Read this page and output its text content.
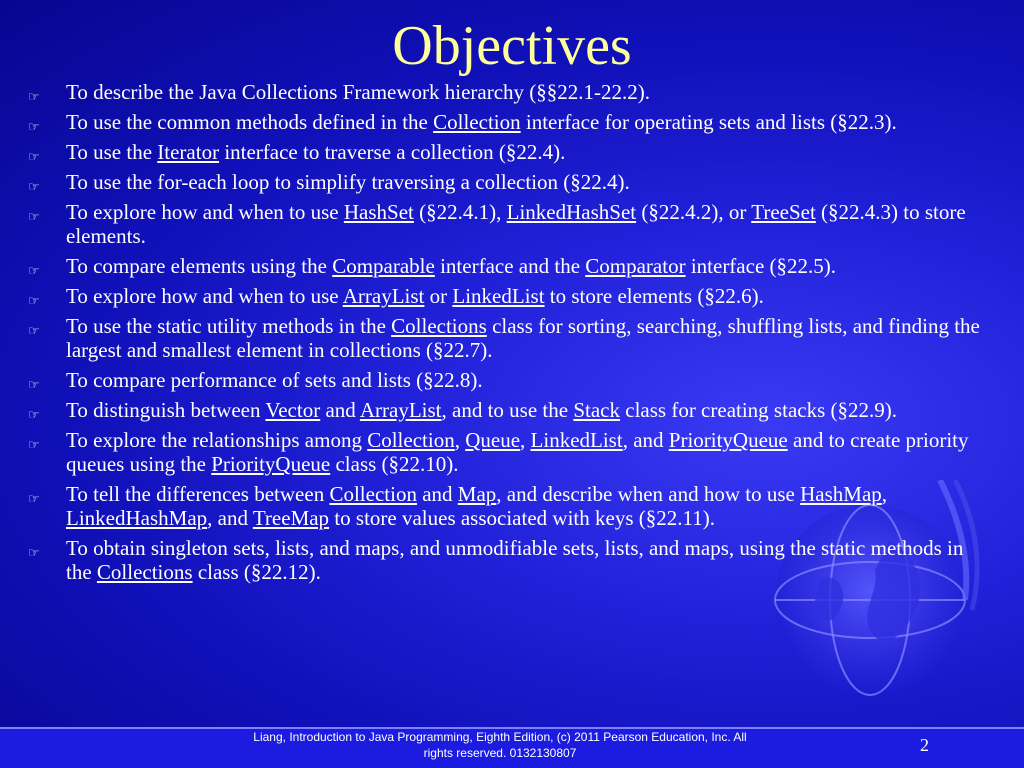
Objectives
☞ To describe the Java Collections Framework hierarchy (§§22.1-22.2).
☞ To use the common methods defined in the Collection interface for operating sets and lists (§22.3).
☞ To use the Iterator interface to traverse a collection (§22.4).
☞ To use the for-each loop to simplify traversing a collection (§22.4).
☞ To explore how and when to use HashSet (§22.4.1), LinkedHashSet (§22.4.2), or TreeSet (§22.4.3) to store elements.
☞ To compare elements using the Comparable interface and the Comparator interface (§22.5).
☞ To explore how and when to use ArrayList or LinkedList to store elements (§22.6).
☞ To use the static utility methods in the Collections class for sorting, searching, shuffling lists, and finding the largest and smallest element in collections (§22.7).
☞ To compare performance of sets and lists (§22.8).
☞ To distinguish between Vector and ArrayList, and to use the Stack class for creating stacks (§22.9).
☞ To explore the relationships among Collection, Queue, LinkedList, and PriorityQueue and to create priority queues using the PriorityQueue class (§22.10).
☞ To tell the differences between Collection and Map, and describe when and how to use HashMap, LinkedHashMap, and TreeMap to store values associated with keys (§22.11).
☞ To obtain singleton sets, lists, and maps, and unmodifiable sets, lists, and maps, using the static methods in the Collections class (§22.12).
Liang, Introduction to Java Programming, Eighth Edition, (c) 2011 Pearson Education, Inc. All
rights reserved. 0132130807	2
